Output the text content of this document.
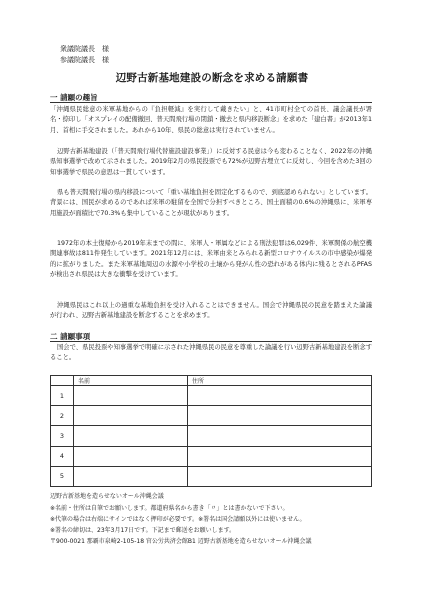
衆議院議長　様
参議院議長　様
辺野古新基地建設の断念を求める請願書
一 請願の趣旨
「沖縄県民総意の米軍基地からの『負担軽減』を実行して戴きたい」と、41市町村全ての首長、議会議長が署名・捺印し「オスプレイの配備撤回、普天間飛行場の閉鎖・撤去と県内移設断念」を求めた「建白書」が2013年1月、首相に手交されました。あれから10年、県民の総意は実行されていません。
辺野古新基地建設（「普天間飛行場代替施設建設事業」）に反対する民意は今も変わることなく、2022年の沖縄県知事選挙で改めて示されました。2019年2月の県民投票でも72%が辺野古埋立てに反対し、今回を含めた3回の知事選挙で県民の意思は一貫しています。
県も普天間飛行場の県内移設について「重い基地負担を固定化するもので、到底認められない」としています。背景には、国民が求めるのであれば米軍の駐留を全国で分担すべきところ、国土面積の0.6%の沖縄県に、米軍専用施設が面積比で70.3%も集中していることが現状があります。
1972年の本土復帰から2019年末までの間に、米軍人・軍属などによる刑法犯罪は6,029件、米軍関係の航空機関連事故は811件発生しています。2021年12月には、米軍由来とみられる新型コロナウイルスの市中感染が爆発的に拡がりました。また米軍基地周辺の水源や小学校の土壌から発がん性の恐れがある体内に残るとされるPFASが検出され県民は大きな衝撃を受けています。
沖縄県民はこれ以上の過重な基地負担を受け入れることはできません。国会で沖縄県民の民意を踏まえた論議が行われ、辺野古新基地建設を断念することを求めます。
二 請願事項
国会で、県民投票や知事選挙で明確に示された沖縄県民の民意を尊重した論議を行い辺野古新基地建設を断念すること。
	名前	住所
1		
2		
3		
4		
5		
辺野古新基地を造らせないオール沖縄会議
※名前・住所は自筆でお願いします。都道府県名から書き「〃」とは書かないで下さい。
※代筆の場合は右端にサインではなく押印が必要です。※署名は国会請願以外には使いません。
※署名の締切は、23年3月17日です。下記まで郵送をお願いします。
〒900-0021 那覇市泉崎2-105-18 官公労共済会館B1 辺野古新基地を造らせないオール沖縄会議
